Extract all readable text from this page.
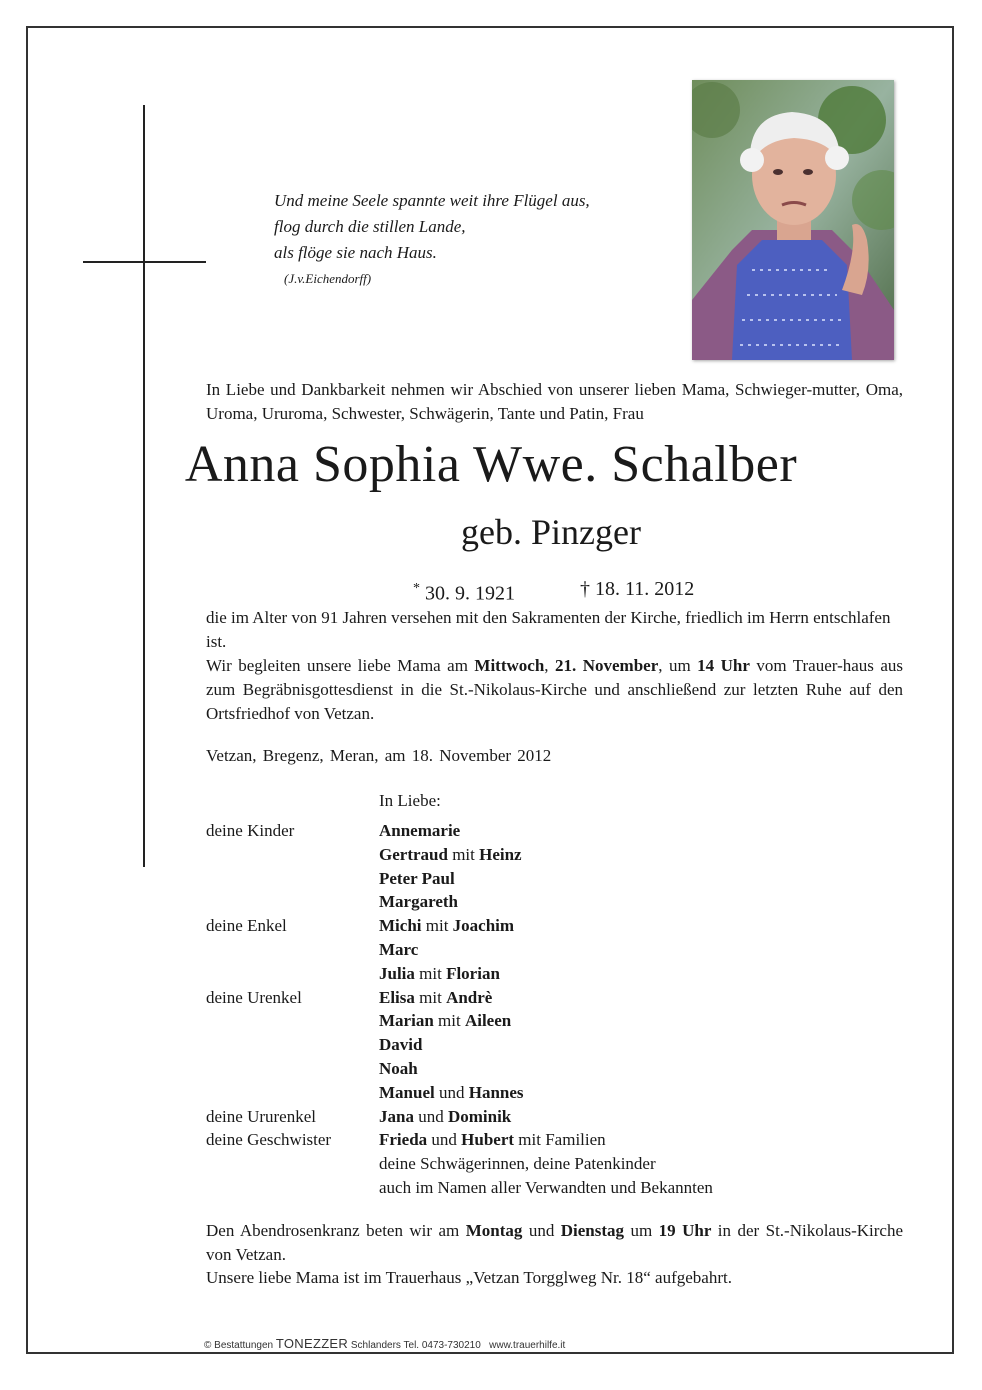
Und meine Seele spannte weit ihre Flügel aus,
flog durch die stillen Lande,
als flöge sie nach Haus.
(J.v.Eichendorff)
In Liebe und Dankbarkeit nehmen wir Abschied von unserer lieben Mama, Schwieger-mutter, Oma, Uroma, Ururoma, Schwester, Schwägerin, Tante und Patin, Frau
Anna Sophia Wwe. Schalber
geb. Pinzger
* 30. 9. 1921	† 18. 11. 2012
die im Alter von 91 Jahren versehen mit den Sakramenten der Kirche, friedlich im Herrn entschlafen ist.
Wir begleiten unsere liebe Mama am Mittwoch, 21. November, um 14 Uhr vom Trauer-haus aus zum Begräbnisgottesdienst in die St.-Nikolaus-Kirche und anschließend zur letzten Ruhe auf den Ortsfriedhof von Vetzan.
Vetzan, Bregenz, Meran, am 18. November 2012
In Liebe:
deine Kinder	Annemarie
Gertraud mit Heinz
Peter Paul
Margareth
deine Enkel	Michi mit Joachim
Marc
Julia mit Florian
deine Urenkel	Elisa mit Andrè
Marian mit Aileen
David
Noah
Manuel und Hannes
deine Ururenkel	Jana und Dominik
deine Geschwister	Frieda und Hubert mit Familien
deine Schwägerinnen, deine Patenkinder
auch im Namen aller Verwandten und Bekannten
Den Abendrosenkranz beten wir am Montag und Dienstag um 19 Uhr in der St.-Nikolaus-Kirche von Vetzan.
Unsere liebe Mama ist im Trauerhaus „Vetzan Torgglweg Nr. 18“ aufgebahrt.
© Bestattungen TONEZZER Schlanders Tel. 0473-730210 www.trauerhilfe.it
